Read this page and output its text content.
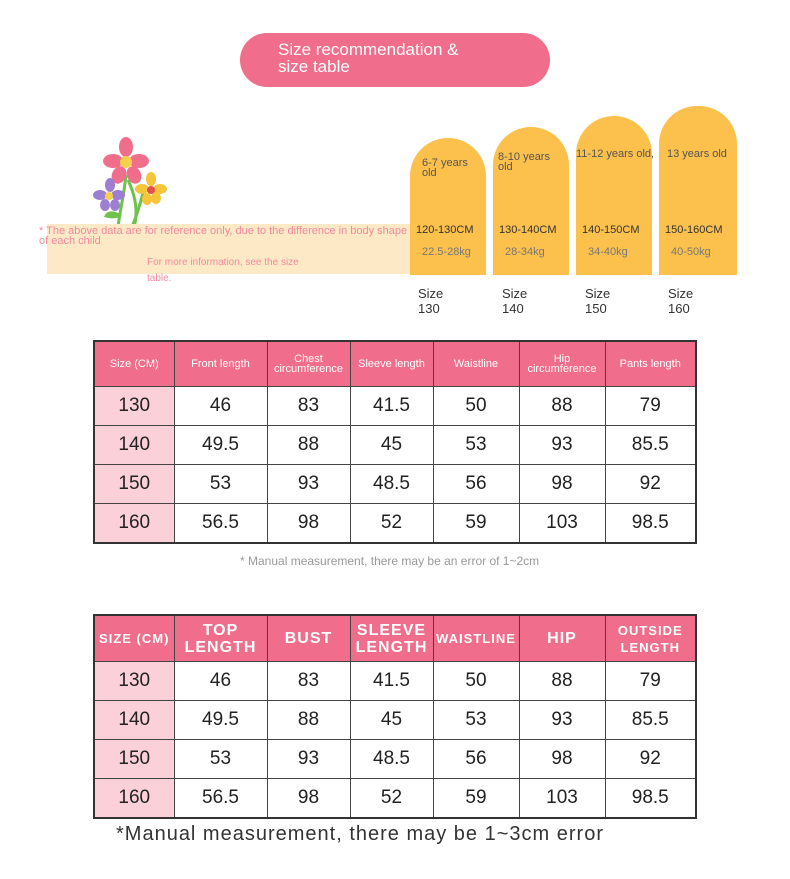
Size recommendation &
size table
* The above data are for reference only, due to the difference in body shape of each child
For more information, see the size
table.
6-7 years old
120-130CM
22.5-28kg
8-10 years old
130-140CM
28-34kg
11-12 years old,
140-150CM
34-40kg
13 years old
150-160CM
40-50kg
Size 130
Size 140
Size 150
Size 160
Size (CM)	Front length	Chest circumference	Sleeve length	Waistline	Hip circumference	Pants length
130	46	83	41.5	50	88	79
140	49.5	88	45	53	93	85.5
150	53	93	48.5	56	98	92
160	56.5	98	52	59	103	98.5
* Manual measurement, there may be an error of 1~2cm
SIZE (CM)	TOP LENGTH	BUST	SLEEVE LENGTH	WAISTLINE	HIP	OUTSIDE LENGTH
130	46	83	41.5	50	88	79
140	49.5	88	45	53	93	85.5
150	53	93	48.5	56	98	92
160	56.5	98	52	59	103	98.5
*Manual measurement, there may be 1~3cm error
